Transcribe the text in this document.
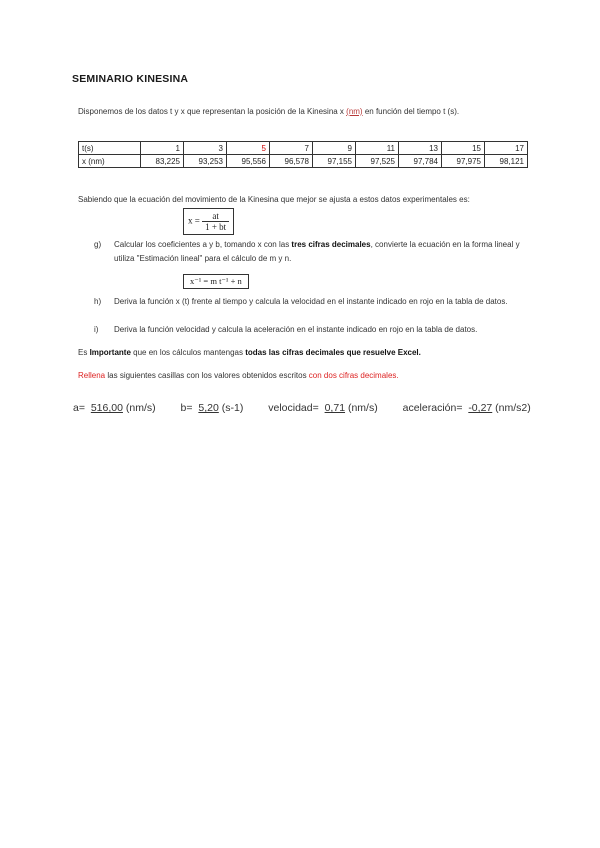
SEMINARIO KINESINA
Disponemos de los datos t y x que representan la posición de la Kinesina x (nm) en función del tiempo t (s).
t(s)	1	3	5	7	9	11	13	15	17
x (nm)	83,225	93,253	95,556	96,578	97,155	97,525	97,784	97,975	98,121
Sabiendo que la ecuación del movimiento de la Kinesina que mejor se ajusta a estos datos experimentales es:
$x = \frac{at}{1 + bt}$
g) Calcular los coeficientes a y b, tomando x con las tres cifras decimales, convierte la ecuación en la forma lineal y utiliza "Estimación lineal" para el cálculo de m y n.
x⁻¹ = m t⁻¹ + n
h) Deriva la función x (t) frente al tiempo y calcula la velocidad en el instante indicado en rojo en la tabla de datos.
i) Deriva la función velocidad y calcula la aceleración en el instante indicado en rojo en la tabla de datos.
Es Importante que en los cálculos mantengas todas las cifras decimales que resuelve Excel.
Rellena las siguientes casillas con los valores obtenidos escritos con dos cifras decimales.
a= 516,00 (nm/s) b= 5,20 (s-1) velocidad= 0,71 (nm/s) aceleración= -0,27 (nm/s2)
